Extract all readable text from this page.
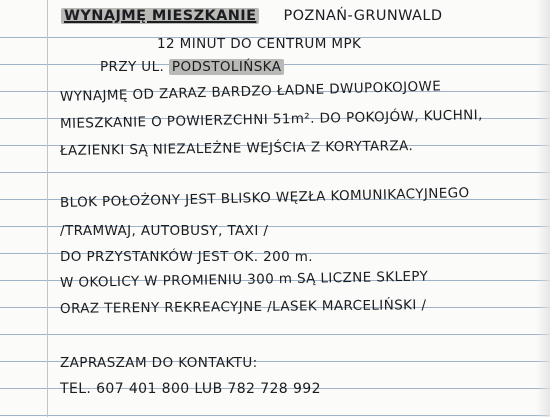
WYNAJMĘ MIESZKANIE POZNAŃ-GRUNWALD
12 MINUT DO CENTRUM MPK
PRZY UL. PODSTOLIŃSKA
WYNAJMĘ OD ZARAZ BARDZO ŁADNE DWUPOKOJOWE
MIESZKANIE O POWIERZCHNI 51m². DO POKOJÓW, KUCHNI,
ŁAZIENKI SĄ NIEZALEŻNE WEJŚCIA Z KORYTARZA.
BLOK POŁOŻONY JEST BLISKO WĘZŁA KOMUNIKACYJNEGO
/TRAMWAJ, AUTOBUSY, TAXI /
DO PRZYSTANKÓW JEST OK. 200 m.
W OKOLICY W PROMIENIU 300 m SĄ LICZNE SKLEPY
ORAZ TERENY REKREACYJNE /LASEK MARCELIŃSKI /
ZAPRASZAM DO KONTAKTU:
TEL. 607 401 800 LUB 782 728 992
